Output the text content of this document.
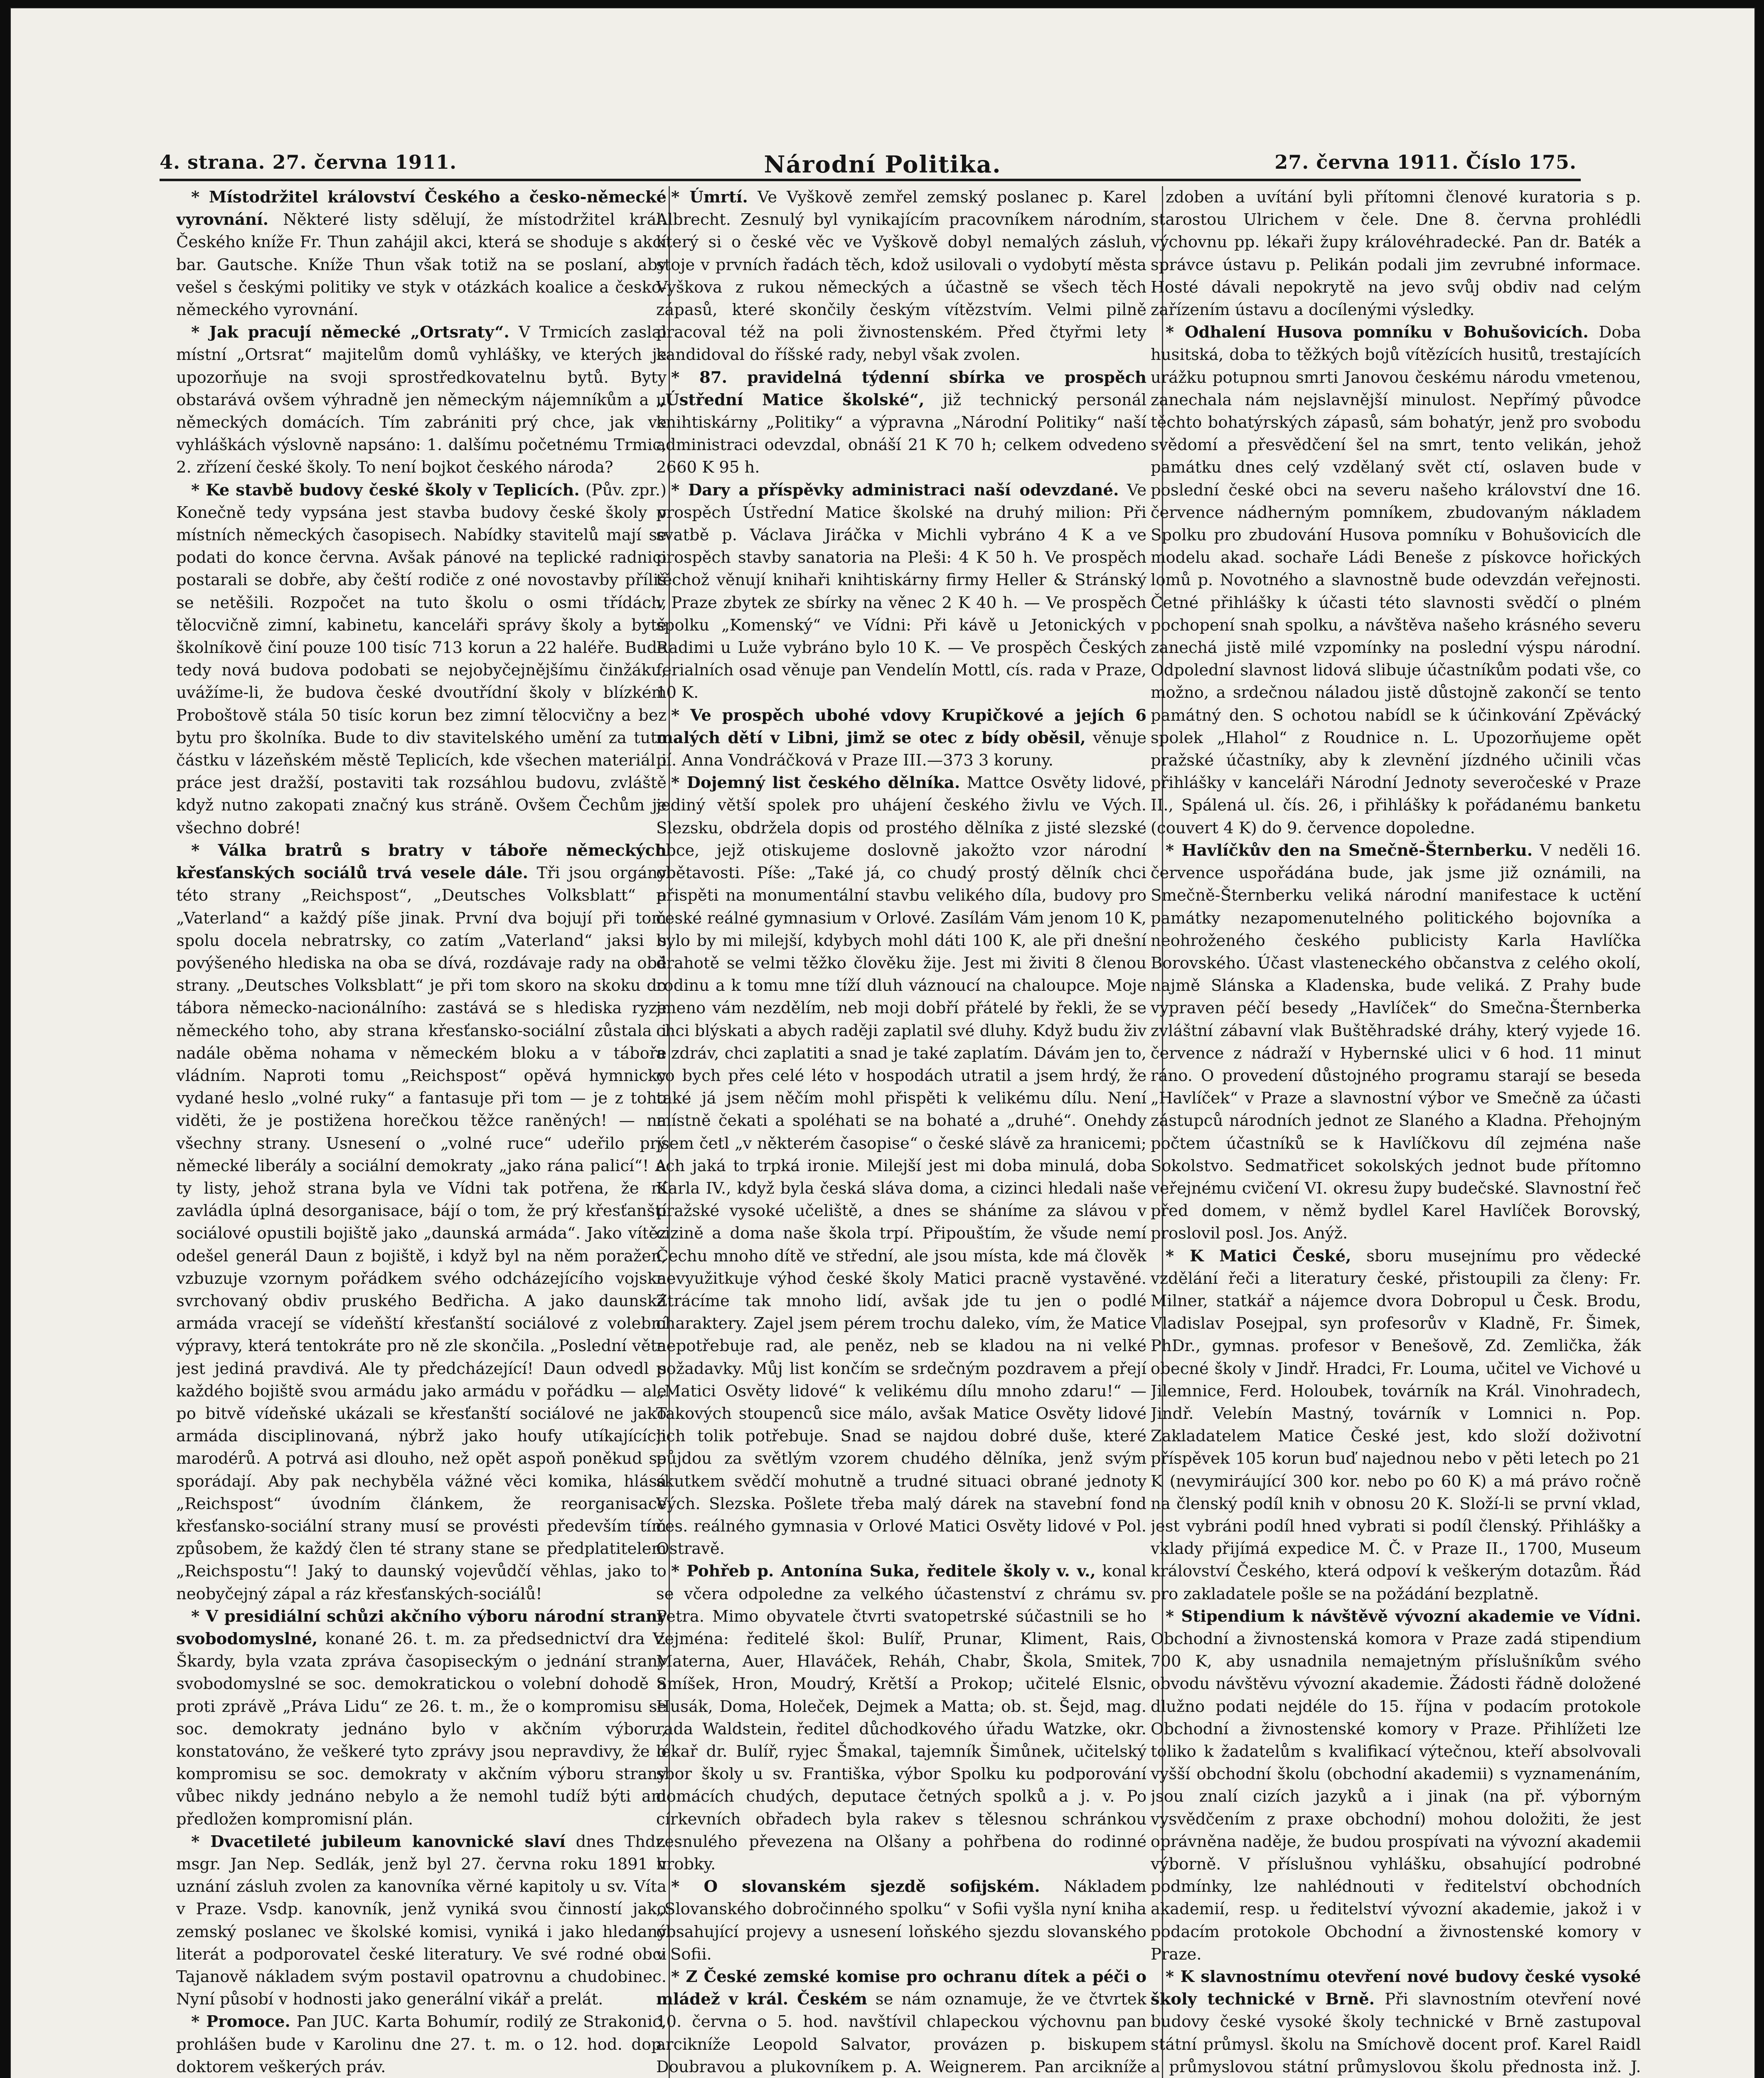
4. strana. 27. června 1911.	Národní Politika.	27. června 1911. Číslo 175.

* Místodržitel království Českého a česko-německé vyrovnání. Některé listy sdělují, že místodržitel král. Českého kníže Fr. Thun zahájil akci, která se shoduje s akcí bar. Gautsche. Kníže Thun však totiž na se poslaní, aby vešel s českými politiky ve styk v otázkách koalice a česko-německého vyrovnání.

* Jak pracují německé „Ortsraty“. V Trmicích zaslal místní „Ortsrat“ majitelům domů vyhlášky, ve kterých je upozorňuje na svoji sprostředkovatelnu bytů. Byty obstarává ovšem výhradně jen německým nájemníkům a u německých domácích. Tím zabrániti prý chce, jak ve vyhláškách výslovně napsáno: 1. dalšímu početnému Trmic, 2. zřízení české školy. To není bojkot českého národa?

* Ke stavbě budovy české školy v Teplicích. (Pův. zpr.) Konečně tedy vypsána jest stavba budovy české školy v místních německých časopisech. Nabídky stavitelů mají se podati do konce června. Avšak pánové na teplické radnici postarali se dobře, aby čeští rodiče z oné novostavby příliš se netěšili. Rozpočet na tuto školu o osmi třídách, tělocvičně zimní, kabinetu, kanceláři správy školy a bytě školníkově činí pouze 100 tisíc 713 korun a 22 haléře. Bude tedy nová budova podobati se nejobyčejnějšímu činžáku, uvážíme-li, že budova české dvoutřídní školy v blízkém Proboštově stála 50 tisíc korun bez zimní tělocvičny a bez bytu pro školníka. Bude to div stavitelského umění za tuto částku v lázeňském městě Teplicích, kde všechen materiál i práce jest dražší, postaviti tak rozsáhlou budovu, zvláště když nutno zakopati značný kus stráně. Ovšem Čechům je všechno dobré!

* Válka bratrů s bratry v táboře německých křesťanských sociálů trvá vesele dále. Tři jsou orgány této strany „Reichspost“, „Deutsches Volksblatt“ a „Vaterland“ a každý píše jinak. První dva bojují při tom spolu docela nebratrsky, co zatím „Vaterland“ jaksi s povýšeného hlediska na oba se dívá, rozdávaje rady na obě strany. „Deutsches Volksblatt“ je při tom skoro na skoku do tábora německo-nacionálního: zastává se s hlediska ryze německého toho, aby strana křesťansko-sociální zůstala i nadále oběma nohama v německém bloku a v táboře vládním. Naproti tomu „Reichspost“ opěvá hymnicky vydané heslo „volné ruky“ a fantasuje při tom — je z toho viděti, že je postižena horečkou těžce raněných! — na všechny strany. Usnesení o „volné ruce“ udeřilo prý německé liberály a sociální demokraty „jako rána palicí“! A ty listy, jehož strana byla ve Vídni tak potřena, že ní zavládla úplná desorganisace, bájí o tom, že prý křesťanští sociálové opustili bojiště jako „daunská armáda“. Jako vítěz odešel generál Daun z bojiště, i když byl na něm poražen, vzbuzuje vzornym pořádkem svého odcházejícího vojska svrchovaný obdiv pruského Bedřicha. A jako daunská armáda vracejí se vídeňští křesťanští sociálové z volební výpravy, která tentokráte pro ně zle skončila. „Poslední věta jest jediná pravdivá. Ale ty předcházející! Daun odvedl s každého bojiště svou armádu jako armádu v pořádku — ale po bitvě vídeňské ukázali se křesťanští sociálové ne jako armáda disciplinovaná, nýbrž jako houfy utíkajících marodérů. A potrvá asi dlouho, než opět aspoň poněkud se sporádají. Aby pak nechyběla vážné věci komika, hlásá „Reichspost“ úvodním článkem, že reorganisace křesťansko-sociální strany musí se provésti především tím způsobem, že každý člen té strany stane se předplatitelem „Reichspostu“! Jaký to daunský vojevůdčí věhlas, jako to neobyčejný zápal a ráz křesťanských-sociálů!

* V presidiální schůzi akčního výboru národní strany svobodomyslné, konané 26. t. m. za předsednictví dra V. Škardy, byla vzata zpráva časopiseckým o jednání strany svobodomyslné se soc. demokratickou o volební dohodě a proti zprávě „Práva Lidu“ ze 26. t. m., že o kompromisu se soc. demokraty jednáno bylo v akčním výboru, konstatováno, že veškeré tyto zprávy jsou nepravdivy, že o kompromisu se soc. demokraty v akčním výboru strany vůbec nikdy jednáno nebylo a že nemohl tudíž býti ani předložen kompromisní plán.

* Dvacetileté jubileum kanovnické slaví dnes Thdr. msgr. Jan Nep. Sedlák, jenž byl 27. června roku 1891 v uznání zásluh zvolen za kanovníka věrné kapitoly u sv. Víta v Praze. Vsdp. kanovník, jenž vyniká svou činností jako zemský poslanec ve školské komisi, vyniká i jako hledaný literát a podporovatel české literatury. Ve své rodné obci Tajanově nákladem svým postavil opatrovnu a chudobinec. Nyní působí v hodnosti jako generální vikář a prelát.

* Promoce. Pan JUC. Karta Bohumír, rodilý ze Strakonic, prohlášen bude v Karolinu dne 27. t. m. o 12. hod. dop. doktorem veškerých práv.

* Úmrtí. Ve Vyškově zemřel zemský poslanec p. Karel Albrecht. Zesnulý byl vynikajícím pracovníkem národním, který si o české věc ve Vyškově dobyl nemalých zásluh, stoje v prvních řadách těch, kdož usilovali o vydobytí města Vyškova z rukou německých a účastně se všech těch zápasů, které skončily českým vítězstvím. Velmi pilně pracoval též na poli živnostenském. Před čtyřmi lety kandidoval do říšské rady, nebyl však zvolen.

* 87. pravidelná týdenní sbírka ve prospěch „Ústřední Matice školské“, již technický personál knihtiskárny „Politiky“ a výpravna „Národní Politiky“ naší administraci odevzdal, obnáší 21 K 70 h; celkem odvedeno 2660 K 95 h.

* Dary a příspěvky administraci naší odevzdané. Ve prospěch Ústřední Matice školské na druhý milion: Při svatbě p. Václava Jiráčka v Michli vybráno 4 K a ve prospěch stavby sanatoria na Pleši: 4 K 50 h. Ve prospěch těchož věnují knihaři knihtiskárny firmy Heller & Stránský v Praze zbytek ze sbírky na věnec 2 K 40 h. — Ve prospěch spolku „Komenský“ ve Vídni: Při kávě u Jetonických v Radimi u Luže vybráno bylo 10 K. — Ve prospěch Českých ferialních osad věnuje pan Vendelín Mottl, cís. rada v Praze, 10 K.

* Ve prospěch ubohé vdovy Krupičkové a jejích 6 malých dětí v Libni, jimž se otec z bídy oběsil, věnuje pí. Anna Vondráčková v Praze III.—373 3 koruny.

* Dojemný list českého dělníka. Mattce Osvěty lidové, jediný větší spolek pro uhájení českého živlu ve Vých. Slezsku, obdržela dopis od prostého dělníka z jisté slezské obce, jejž otiskujeme doslovně jakožto vzor národní obětavosti. Píše: „Také já, co chudý prostý dělník chci přispěti na monumentální stavbu velikého díla, budovy pro české reálné gymnasium v Orlové. Zasílám Vám jenom 10 K, bylo by mi milejší, kdybych mohl dáti 100 K, ale při dnešní drahotě se velmi těžko člověku žije. Jest mi živiti 8 členou rodinu a k tomu mne tíží dluh váznoucí na chaloupce. Moje jmeno vám nezdělím, neb moji dobří přátelé by řekli, že se chci blýskati a abych raději zaplatil své dluhy. Když budu živ a zdráv, chci zaplatiti a snad je také zaplatím. Dávám jen to, co bych přes celé léto v hospodách utratil a jsem hrdý, že také já jsem něčím mohl přispěti k velikému dílu. Není místně čekati a spoléhati se na bohaté a „druhé“. Onehdy jsem četl „v některém časopise“ o české slávě za hranicemi; ach jaká to trpká ironie. Milejší jest mi doba minulá, doba Karla IV., když byla česká sláva doma, a cizinci hledali naše pražské vysoké učeliště, a dnes se sháníme za slávou v cizině a doma naše škola trpí. Připouštím, že všude nemí Čechu mnoho dítě ve střední, ale jsou místa, kde má člověk nevyužitkuje výhod české školy Matici pracně vystavěné. Ztrácíme tak mnoho lidí, avšak jde tu jen o podlé charaktery. Zajel jsem pérem trochu daleko, vím, že Matice nepotřebuje rad, ale peněz, neb se kladou na ni velké požadavky. Můj list končím se srdečným pozdravem a přejí „Matici Osvěty lidové“ k velikému dílu mnoho zdaru!“ — Takových stoupenců sice málo, avšak Matice Osvěty lidové jich tolik potřebuje. Snad se najdou dobré duše, které půjdou za světlým vzorem chudého dělníka, jenž svým skutkem svědčí mohutně a trudné situaci obrané jednoty Vých. Slezska. Pošlete třeba malý dárek na stavební fond čes. reálného gymnasia v Orlové Matici Osvěty lidové v Pol. Ostravě.

* Pohřeb p. Antonína Suka, ředitele školy v. v., konal se včera odpoledne za velkého účastenství z chrámu sv. Petra. Mimo obyvatele čtvrti svatopetrské súčastnili se ho zejména: ředitelé škol: Bulíř, Prunar, Kliment, Rais, Materna, Auer, Hlaváček, Reháh, Chabr, Škola, Smitek, Smíšek, Hron, Moudrý, Krětší a Prokop; učitelé Elsnic, Husák, Doma, Holeček, Dejmek a Matta; ob. st. Šejd, mag. rada Waldstein, ředitel důchodkového úřadu Watzke, okr. lékař dr. Bulíř, ryjec Šmakal, tajemník Šimůnek, učitelský sbor školy u sv. Františka, výbor Spolku ku podporování domácích chudých, deputace četných spolků a j. v. Po církevních obřadech byla rakev s tělesnou schránkou zesnulého převezena na Olšany a pohřbena do rodinné hrobky.

* O slovanském sjezdě sofijském. Nákladem „Slovanského dobročinného spolku“ v Sofii vyšla nyní kniha obsahující projevy a usnesení loňského sjezdu slovanského v Sofii.

* Z České zemské komise pro ochranu dítek a péči o mládež v král. Českém se nám oznamuje, že ve čtvrtek 10. června o 5. hod. navštívil chlapeckou výchovnu pan arcikníže Leopold Salvator, provázen p. biskupem Doubravou a plukovníkem p. A. Weignerem. Pan arcikníže

zdoben a uvítání byli přítomni členové kuratoria s p. starostou Ulrichem v čele. Dne 8. června prohlédli výchovnu pp. lékaři župy královéhradecké. Pan dr. Baték a správce ústavu p. Pelikán podali jim zevrubné informace. Hosté dávali nepokrytě na jevo svůj obdiv nad celým zařízením ústavu a docílenými výsledky.

* Odhalení Husova pomníku v Bohušovicích. Doba husitská, doba to těžkých bojů vítězících husitů, trestajících urážku potupnou smrti Janovou českému národu vmetenou, zanechala nám nejslavnější minulost. Nepřímý původce těchto bohatýrských zápasů, sám bohatýr, jenž pro svobodu svědomí a přesvědčení šel na smrt, tento velikán, jehož památku dnes celý vzdělaný svět ctí, oslaven bude v poslední české obci na severu našeho království dne 16. července nádherným pomníkem, zbudovaným nákladem Spolku pro zbudování Husova pomníku v Bohušovicích dle modelu akad. sochaře Ládi Beneše z pískovce hořických lomů p. Novotného a slavnostně bude odevzdán veřejnosti. Četné přihlášky k účasti této slavnosti svědčí o plném pochopení snah spolku, a návštěva našeho krásného severu zanechá jistě milé vzpomínky na poslední výspu národní. Odpolední slavnost lidová slibuje účastníkům podati vše, co možno, a srdečnou náladou jistě důstojně zakončí se tento památný den. S ochotou nabídl se k účinkování Zpěvácký spolek „Hlahol“ z Roudnice n. L. Upozorňujeme opět pražské účastníky, aby k zlevnění jízdného učinili včas přihlášky v kanceláři Národní Jednoty severočeské v Praze II., Spálená ul. čís. 26, i přihlášky k pořádanému banketu (couvert 4 K) do 9. července dopoledne.

* Havlíčkův den na Smečně-Šternberku. V neděli 16. července uspořádána bude, jak jsme již oznámili, na Smečně-Šternberku veliká národní manifestace k uctění památky nezapomenutelného politického bojovníka a neohroženého českého publicisty Karla Havlíčka Borovského. Účast vlasteneckého občanstva z celého okolí, najmě Slánska a Kladenska, bude veliká. Z Prahy bude vypraven péčí besedy „Havlíček“ do Smečna-Šternberka zvláštní zábavní vlak Buštěhradské dráhy, který vyjede 16. července z nádraží v Hybernské ulici v 6 hod. 11 minut ráno. O provedení důstojného programu starají se beseda „Havlíček“ v Praze a slavnostní výbor ve Smečně za účasti zástupců národních jednot ze Slaného a Kladna. Přehojným počtem účastníků se k Havlíčkovu díl zejména naše Sokolstvo. Sedmatřicet sokolských jednot bude přítomno veřejnému cvičení VI. okresu župy budečské. Slavnostní řeč před domem, v němž bydlel Karel Havlíček Borovský, proslovil posl. Jos. Anýž.

* K Matici České, sboru musejnímu pro vědecké vzdělání řeči a literatury české, přistoupili za členy: Fr. Milner, statkář a nájemce dvora Dobropul u Česk. Brodu, Vladislav Posejpal, syn profesorův v Kladně, Fr. Šimek, PhDr., gymnas. profesor v Benešově, Zd. Zemlička, žák obecné školy v Jindř. Hradci, Fr. Louma, učitel ve Vichové u Jilemnice, Ferd. Holoubek, továrník na Král. Vinohradech, Jindř. Velebín Mastný, továrník v Lomnici n. Pop. Zakladatelem Matice České jest, kdo složí doživotní příspěvek 105 korun buď najednou nebo v pěti letech po 21 K (nevymiráující 300 kor. nebo po 60 K) a má právo ročně na členský podíl knih v obnosu 20 K. Složí-li se první vklad, jest vybráni podíl hned vybrati si podíl členský. Přihlášky a vklady přijímá expedice M. Č. v Praze II., 1700, Museum království Českého, která odpoví k veškerým dotazům. Řád pro zakladatele pošle se na požádání bezplatně.

* Stipendium k návštěvě vývozní akademie ve Vídni. Obchodní a živnostenská komora v Praze zadá stipendium 700 K, aby usnadnila nemajetným příslušníkům svého obvodu návštěvu vývozní akademie. Žádosti řádně doložené dlužno podati nejdéle do 15. října v podacím protokole Obchodní a živnostenské komory v Praze. Přihlížeti lze toliko k žadatelům s kvalifikací výtečnou, kteří absolvovali vyšší obchodní školu (obchodní akademii) s vyznamenáním, jsou znalí cizích jazyků a i jinak (na př. výborným vysvědčením z praxe obchodní) mohou doložiti, že jest oprávněna naděje, že budou prospívati na vývozní akademii výborně. V příslušnou vyhlášku, obsahující podrobné podmínky, lze nahlédnouti v ředitelství obchodních akademií, resp. u ředitelství vývozní akademie, jakož i v podacím protokole Obchodní a živnostenské komory v Praze.

* K slavnostnímu otevření nové budovy české vysoké školy technické v Brně. Při slavnostním otevření nové budovy české vysoké školy technické v Brně zastupoval státní průmysl. školu na Smíchově docent prof. Karel Raidl a průmyslovou státní průmyslovou školu přednosta inž. J.
